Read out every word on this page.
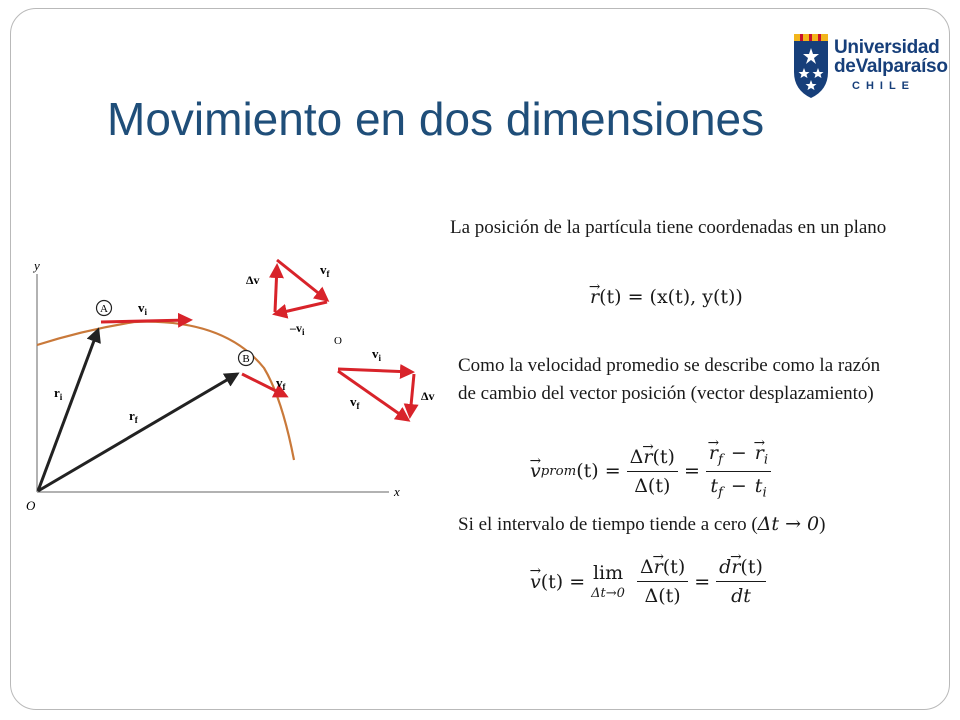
Movimiento en dos dimensiones
Universidad
deValparaíso
CHILE
y
x
O
A
B
$v_i$
$v_f$
$r_i$
$r_f$
Δv
$v_f$
$-v_i$
O
$v_i$
$v_f$
Δv

La posición de la partícula tiene coordenadas en un plano

→ r (t) = (x(t), y(t))

Como la velocidad promedio se describe como la razón de cambio del vector posición (vector desplazamiento)

→ v prom $(t) = \frac{\Delta\to r(t)}{\Delta(t)}$ = → $\frac{r_f - \to r_i}{t_f - t_i}$

Si el intervalo de tiempo tiende a cero (Δt → 0)

→ v (t) = lim
$\Delta t\to 0 \frac{\Delta\to r(t)}{\Delta(t)} = \frac{d\to r(t)}{dt}$
